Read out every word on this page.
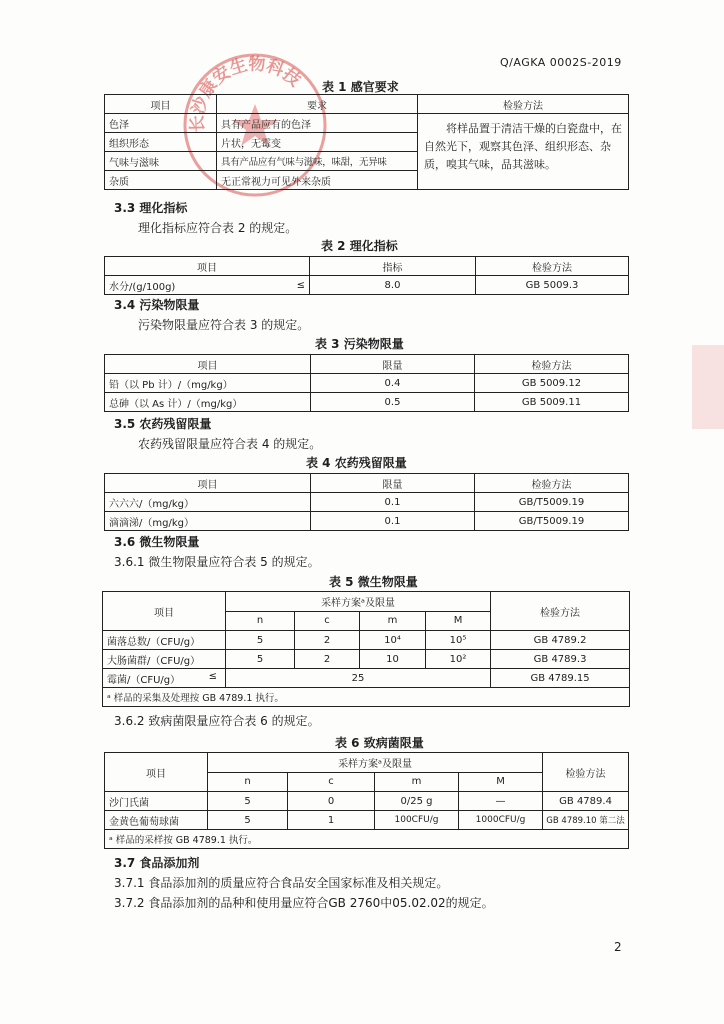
Q/AGKA 0002S-2019
长沙康安生物科技 表 1 感官要求
项目	要求	检验方法
色泽	具有产品应有的色泽	将样品置于清洁干燥的白瓷盘中，在自然光下，观察其色泽、组织形态、杂质，嗅其气味，品其滋味。
组织形态	片状，无霉变	
气味与滋味	具有产品应有气味与滋味，味甜，无异味	
杂质	无正常视力可见外来杂质	
3.3 理化指标
理化指标应符合表 2 的规定。
表 2 理化指标
项目		指标	检验方法
水分/(g/100g)	≤	8.0	GB 5009.3
3.4 污染物限量
污染物限量应符合表 3 的规定。
表 3 污染物限量
项目	限量	检验方法
铅（以 Pb 计）/（mg/kg）	0.4	GB 5009.12
总砷（以 As 计）/（mg/kg）	0.5	GB 5009.11
3.5 农药残留限量
农药残留限量应符合表 4 的规定。
表 4 农药残留限量
项目	限量	检验方法
六六六/（mg/kg）	0.1	GB/T5009.19
滴滴涕/（mg/kg）	0.1	GB/T5009.19
3.6 微生物限量
3.6.1 微生物限量应符合表 5 的规定。
表 5 微生物限量
项目	采样方案ᵃ及限量				检验方法
	n	c	m	M	
菌落总数/（CFU/g）	5	2	10⁴	10⁵	GB 4789.2
大肠菌群/（CFU/g）	5	2	10	10²	GB 4789.3
霉菌/（CFU/g） ≤	25				GB 4789.15
ᵃ 样品的采集及处理按 GB 4789.1 执行。					
3.6.2 致病菌限量应符合表 6 的规定。
表 6 致病菌限量
项目	采样方案ᵃ及限量				检验方法
	n	c	m	M	
沙门氏菌	5	0	0/25 g	—	GB 4789.4
金黄色葡萄球菌	5	1	100CFU/g	1000CFU/g	GB 4789.10 第二法
ᵃ 样品的采样按 GB 4789.1 执行。					
3.7 食品添加剂
3.7.1 食品添加剂的质量应符合食品安全国家标准及相关规定。
3.7.2 食品添加剂的品种和使用量应符合GB 2760中05.02.02的规定。
2
